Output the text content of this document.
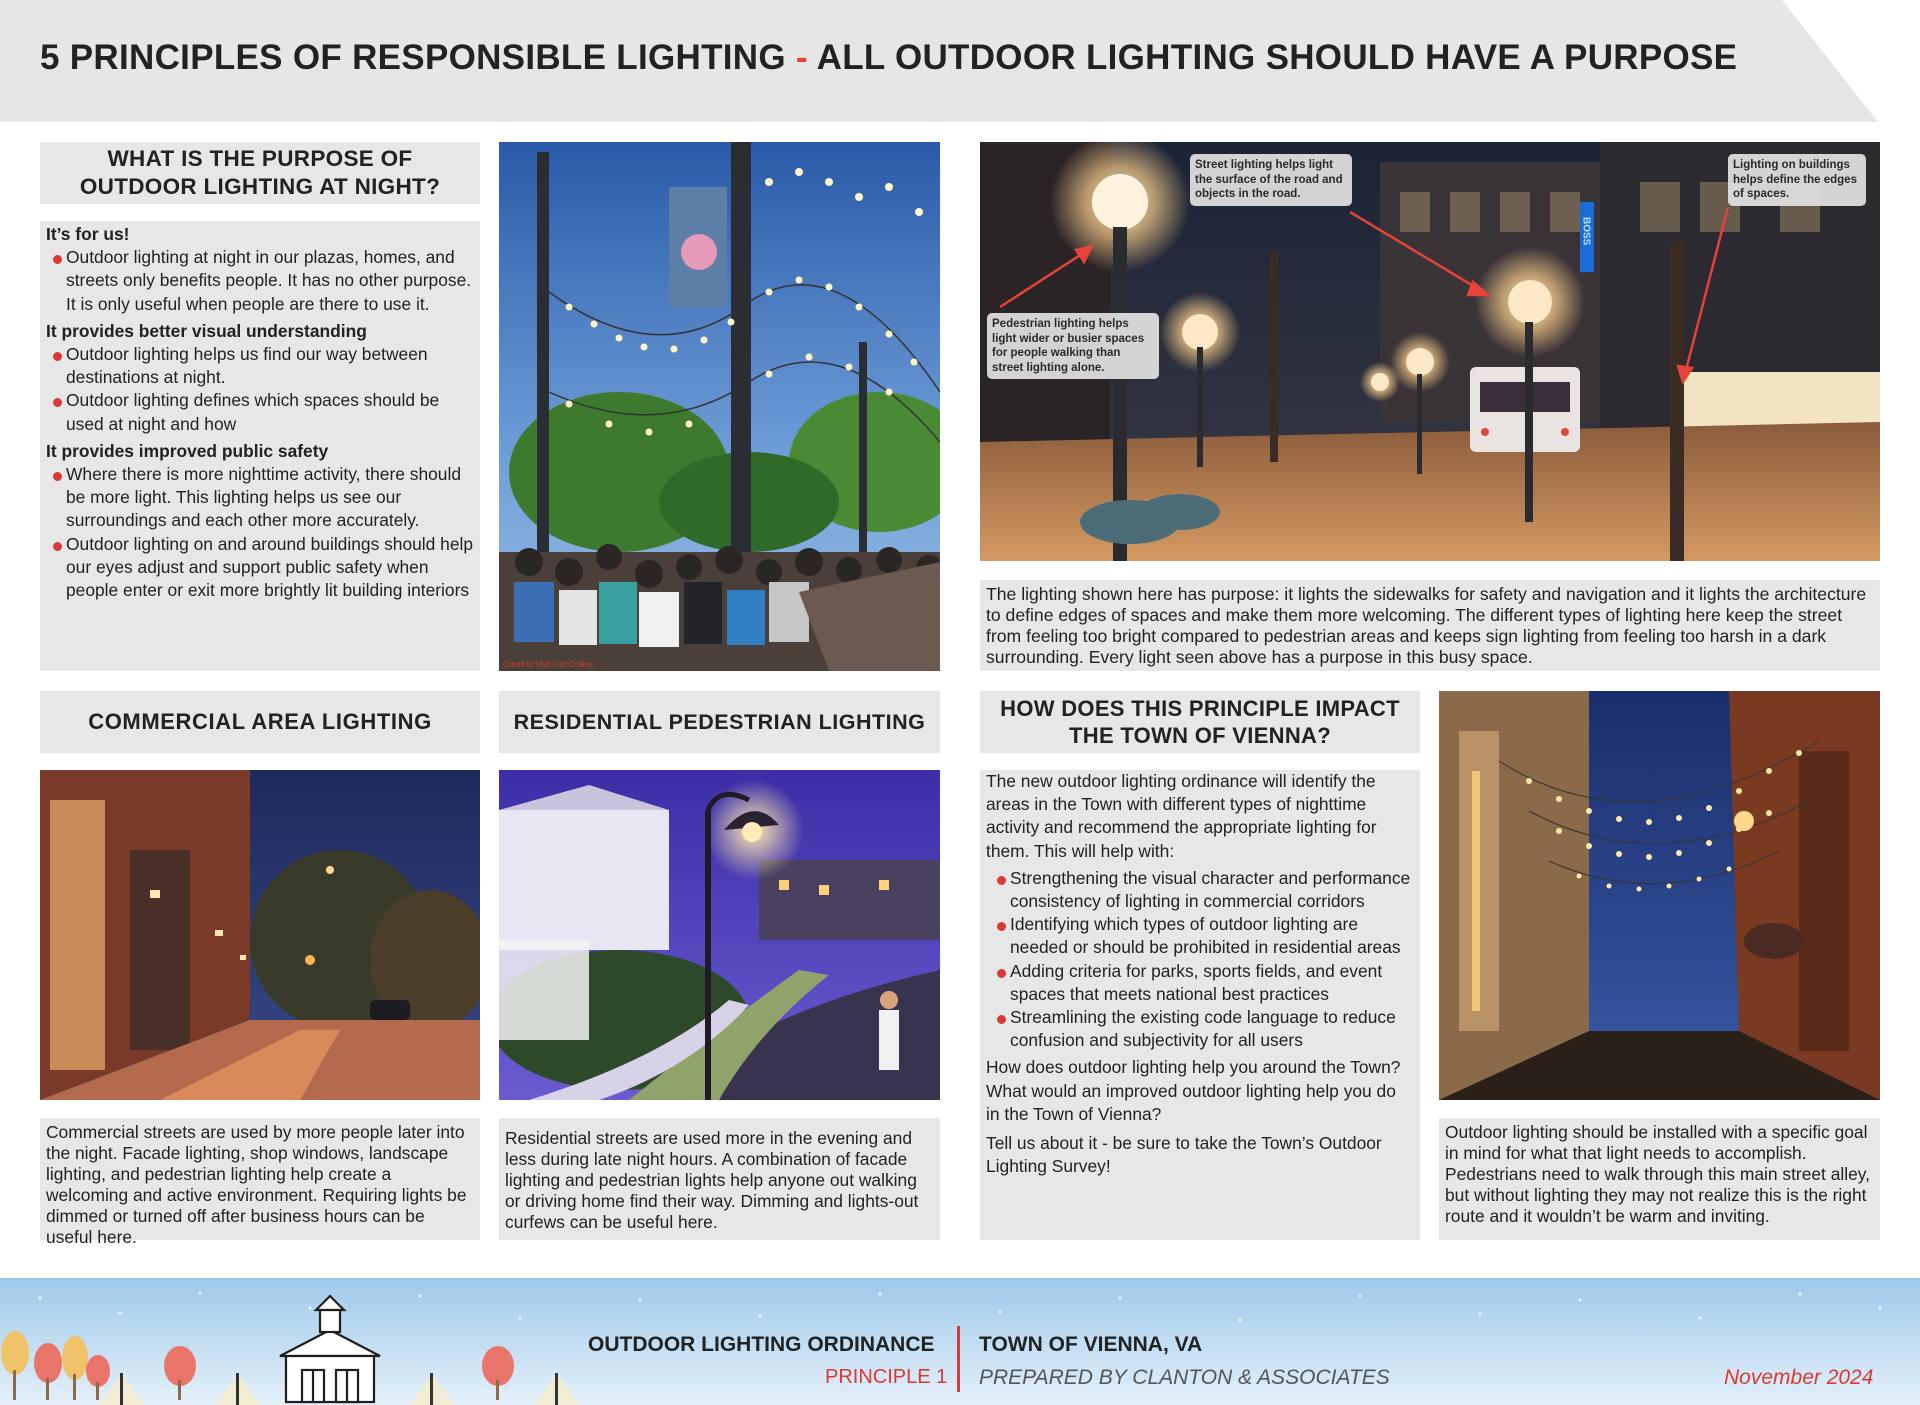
5 PRINCIPLES OF RESPONSIBLE LIGHTING - ALL OUTDOOR LIGHTING SHOULD HAVE A PURPOSE
WHAT IS THE PURPOSE OF
OUTDOOR LIGHTING AT NIGHT?
It’s for us!
Outdoor lighting at night in our plazas, homes, and streets only benefits people. It has no other purpose. It is only useful when people are there to use it.
It provides better visual understanding
Outdoor lighting helps us find our way between destinations at night.
Outdoor lighting defines which spaces should be used at night and how
It provides improved public safety
Where there is more nighttime activity, there should be more light. This lighting helps us see our surroundings and each other more accurately.
Outdoor lighting on and around buildings should help our eyes adjust and support public safety when people enter or exit more brightly lit building interiors
Credit to Visit Fort Collins
BOSS
Street lighting helps light the surface of the road and objects in the road.
Lighting on buildings helps define the edges of spaces.
Pedestrian lighting helps light wider or busier spaces for people walking than street lighting alone.
The lighting shown here has purpose: it lights the sidewalks for safety and navigation and it lights the architecture to define edges of spaces and make them more welcoming. The different types of lighting here keep the street from feeling too bright compared to pedestrian areas and keeps sign lighting from feeling too harsh in a dark surrounding. Every light seen above has a purpose in this busy space.
COMMERCIAL AREA LIGHTING
Commercial streets are used by more people later into the night. Facade lighting, shop windows, landscape lighting, and pedestrian lighting help create a welcoming and active environment. Requiring lights be dimmed or turned off after business hours can be useful here.
RESIDENTIAL PEDESTRIAN LIGHTING
Residential streets are used more in the evening and less during late night hours. A combination of facade lighting and pedestrian lights help anyone out walking or driving home find their way. Dimming and lights-out curfews can be useful here.
HOW DOES THIS PRINCIPLE IMPACT
THE TOWN OF VIENNA?
The new outdoor lighting ordinance will identify the areas in the Town with different types of nighttime activity and recommend the appropriate lighting for them. This will help with:
Strengthening the visual character and performance consistency of lighting in commercial corridors
Identifying which types of outdoor lighting are needed or should be prohibited in residential areas
Adding criteria for parks, sports fields, and event spaces that meets national best practices
Streamlining the existing code language to reduce confusion and subjectivity for all users
How does outdoor lighting help you around the Town? What would an improved outdoor lighting help you do in the Town of Vienna?
Tell us about it - be sure to take the Town’s Outdoor Lighting Survey!
Outdoor lighting should be installed with a specific goal in mind for what that light needs to accomplish. Pedestrians need to walk through this main street alley, but without lighting they may not realize this is the right route and it wouldn’t be warm and inviting.
OUTDOOR LIGHTING ORDINANCE
PRINCIPLE 1
TOWN OF VIENNA, VA
PREPARED BY CLANTON & ASSOCIATES	November 2024
